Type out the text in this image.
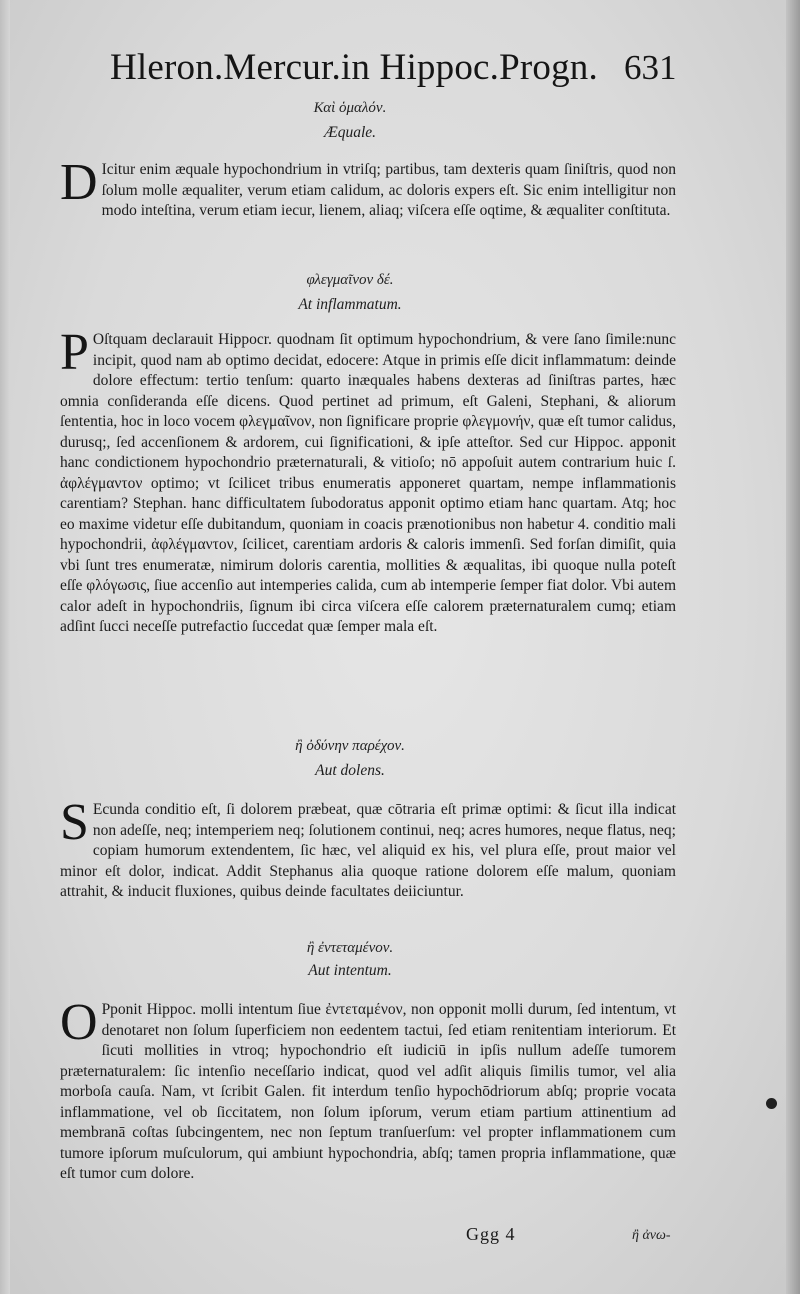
Hleron.Mercur.in Hippoc.Progn. 631
Καὶ ὁμαλόν.
Æquale.

D Icitur enim æquale hypochondrium in vtriſq; partibus, tam dexteris quam ſiniſtris, quod non ſolum molle æqualiter, verum etiam calidum, ac doloris expers eſt. Sic enim intelligitur non modo inteſtina, verum etiam iecur, lienem, aliaq; viſcera eſſe oqtime, & æqualiter conſtituta.

φλεγμαῖνον δέ.
At inflammatum.

P Oſtquam declarauit Hippocr. quodnam ſit optimum hypochondrium, & vere ſano ſimile:nunc incipit, quod nam ab optimo decidat, edocere: Atque in primis eſſe dicit inflammatum: deinde dolore effectum: tertio tenſum: quarto inæquales habens dexteras ad ſiniſtras partes, hæc omnia conſideranda eſſe dicens. Quod pertinet ad primum, eſt Galeni, Stephani, & aliorum ſententia, hoc in loco vocem φλεγμαῖνον, non ſignificare proprie φλεγμονήν, quæ eſt tumor calidus, durusq;, ſed accenſionem & ardorem, cui ſignificationi, & ipſe atteſtor. Sed cur Hippoc. apponit hanc condictionem hypochondrio præternaturali, & vitioſo; nō appoſuit autem contrarium huic ſ. ἀφλέγμαντον optimo; vt ſcilicet tribus enumeratis apponeret quartam, nempe inflammationis carentiam? Stephan. hanc difficultatem ſubodoratus apponit optimo etiam hanc quartam. Atq; hoc eo maxime videtur eſſe dubitandum, quoniam in coacis prænotionibus non habetur 4. conditio mali hypochondrii, ἀφλέγμαντον, ſcilicet, carentiam ardoris & caloris immenſi. Sed forſan dimiſit, quia vbi ſunt tres enumeratæ, nimirum doloris carentia, mollities & æqualitas, ibi quoque nulla poteſt eſſe φλόγωσις, ſiue accenſio aut intemperies calida, cum ab intemperie ſemper fiat dolor. Vbi autem calor adeſt in hypochondriis, ſignum ibi circa viſcera eſſe calorem præternaturalem cumq; etiam adſint ſucci neceſſe putrefactio ſuccedat quæ ſemper mala eſt.

ἢ ὀδύνην παρέχον.
Aut dolens.

S Ecunda conditio eſt, ſi dolorem præbeat, quæ cōtraria eſt primæ optimi: & ſicut illa indicat non adeſſe, neq; intemperiem neq; ſolutionem continui, neq; acres humores, neque flatus, neq; copiam humorum extendentem, ſic hæc, vel aliquid ex his, vel plura eſſe, prout maior vel minor eſt dolor, indicat. Addit Stephanus alia quoque ratione dolorem eſſe malum, quoniam attrahit, & inducit fluxiones, quibus deinde facultates deiiciuntur.

ἢ ἐντεταμένον.
Aut intentum.

O Pponit Hippoc. molli intentum ſiue ἐντεταμένον, non opponit molli durum, ſed intentum, vt denotaret non ſolum ſuperficiem non eedentem tactui, ſed etiam renitentiam interiorum. Et ſicuti mollities in vtroq; hypochondrio eſt iudiciū in ipſis nullum adeſſe tumorem præternaturalem: ſic intenſio neceſſario indicat, quod vel adſit aliquis ſimilis tumor, vel alia morboſa cauſa. Nam, vt ſcribit Galen. fit interdum tenſio hypochōdriorum abſq; proprie vocata inflammatione, vel ob ſiccitatem, non ſolum ipſorum, verum etiam partium attinentium ad membranā coſtas ſubcingentem, nec non ſeptum tranſuerſum: vel propter inflammationem cum tumore ipſorum muſculorum, qui ambiunt hypochondria, abſq; tamen propria inflammatione, quæ eſt tumor cum dolore.

Ggg 4	ἢ ἀνω-
